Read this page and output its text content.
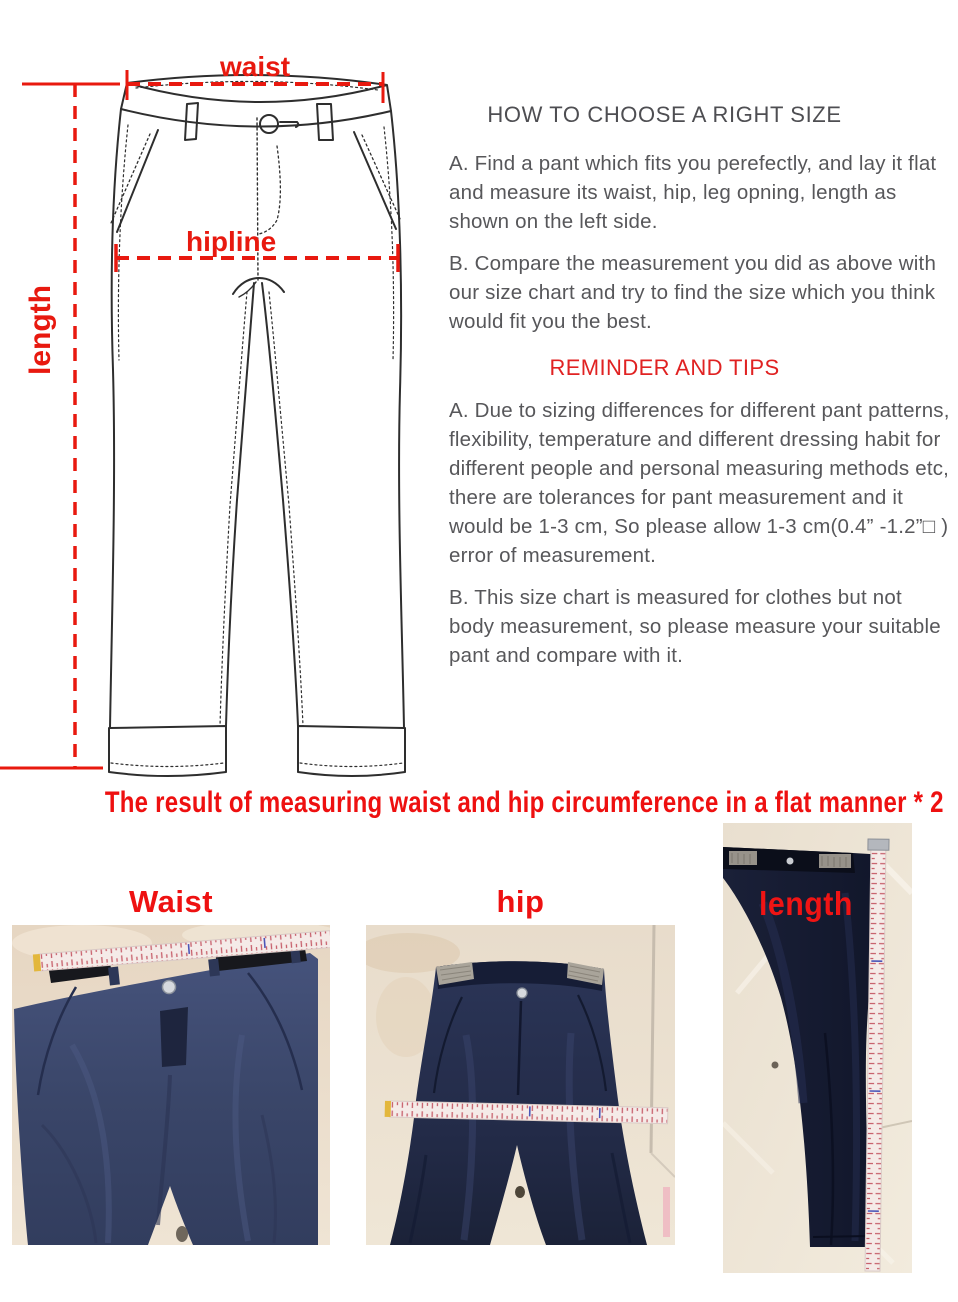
waist
hipline
length
HOW TO CHOOSE A RIGHT SIZE

A. Find a pant which fits you perefectly, and lay it flat and measure its waist, hip, leg opning, length as shown on the left side.

B. Compare the measurement you did as above with our size chart and try to find the size which you think would fit you the best.

REMINDER AND TIPS

A. Due to sizing differences for different pant patterns, flexibility, temperature and different dressing habit for different people and personal measuring methods etc, there are tolerances for pant measurement and it would be 1-3 cm, So please allow 1-3 cm(0.4” -1.2”□ ) error of measurement.

B. This size chart is measured for clothes but not body measurement, so please measure your suitable pant and compare with it.

The result of measuring waist and hip circumference in a flat manner * 2
Waist	hip	length
